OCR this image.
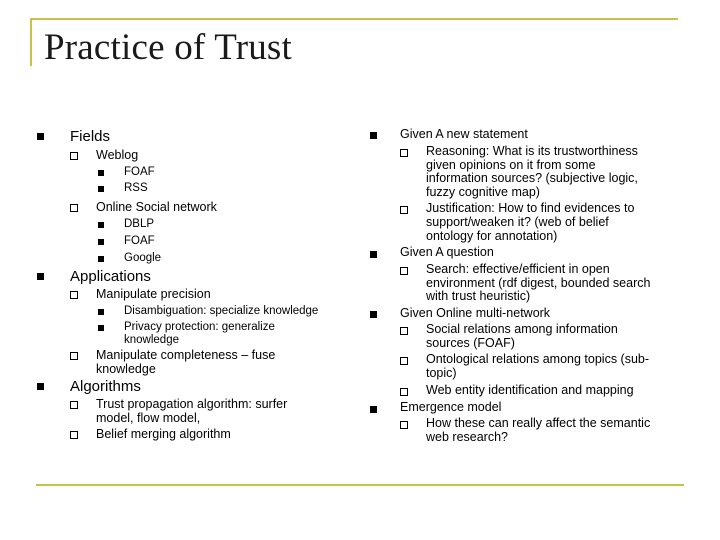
Practice of Trust
Fields
Weblog
FOAF
RSS
Online Social network
DBLP
FOAF
Google
Applications
Manipulate precision
Disambiguation: specialize knowledge
Privacy protection: generalize
knowledge
Manipulate completeness – fuse
knowledge
Algorithms
Trust propagation algorithm: surfer
model, flow model,
Belief merging algorithm
Given A new statement
Reasoning: What is its trustworthiness
given opinions on it from some
information sources? (subjective logic,
fuzzy cognitive map)
Justification: How to find evidences to
support/weaken it? (web of belief
ontology for annotation)
Given A question
Search: effective/efficient in open
environment (rdf digest, bounded search
with trust heuristic)
Given Online multi-network
Social relations among information
sources (FOAF)
Ontological relations among topics (sub-
topic)
Web entity identification and mapping
Emergence model
How these can really affect the semantic
web research?
